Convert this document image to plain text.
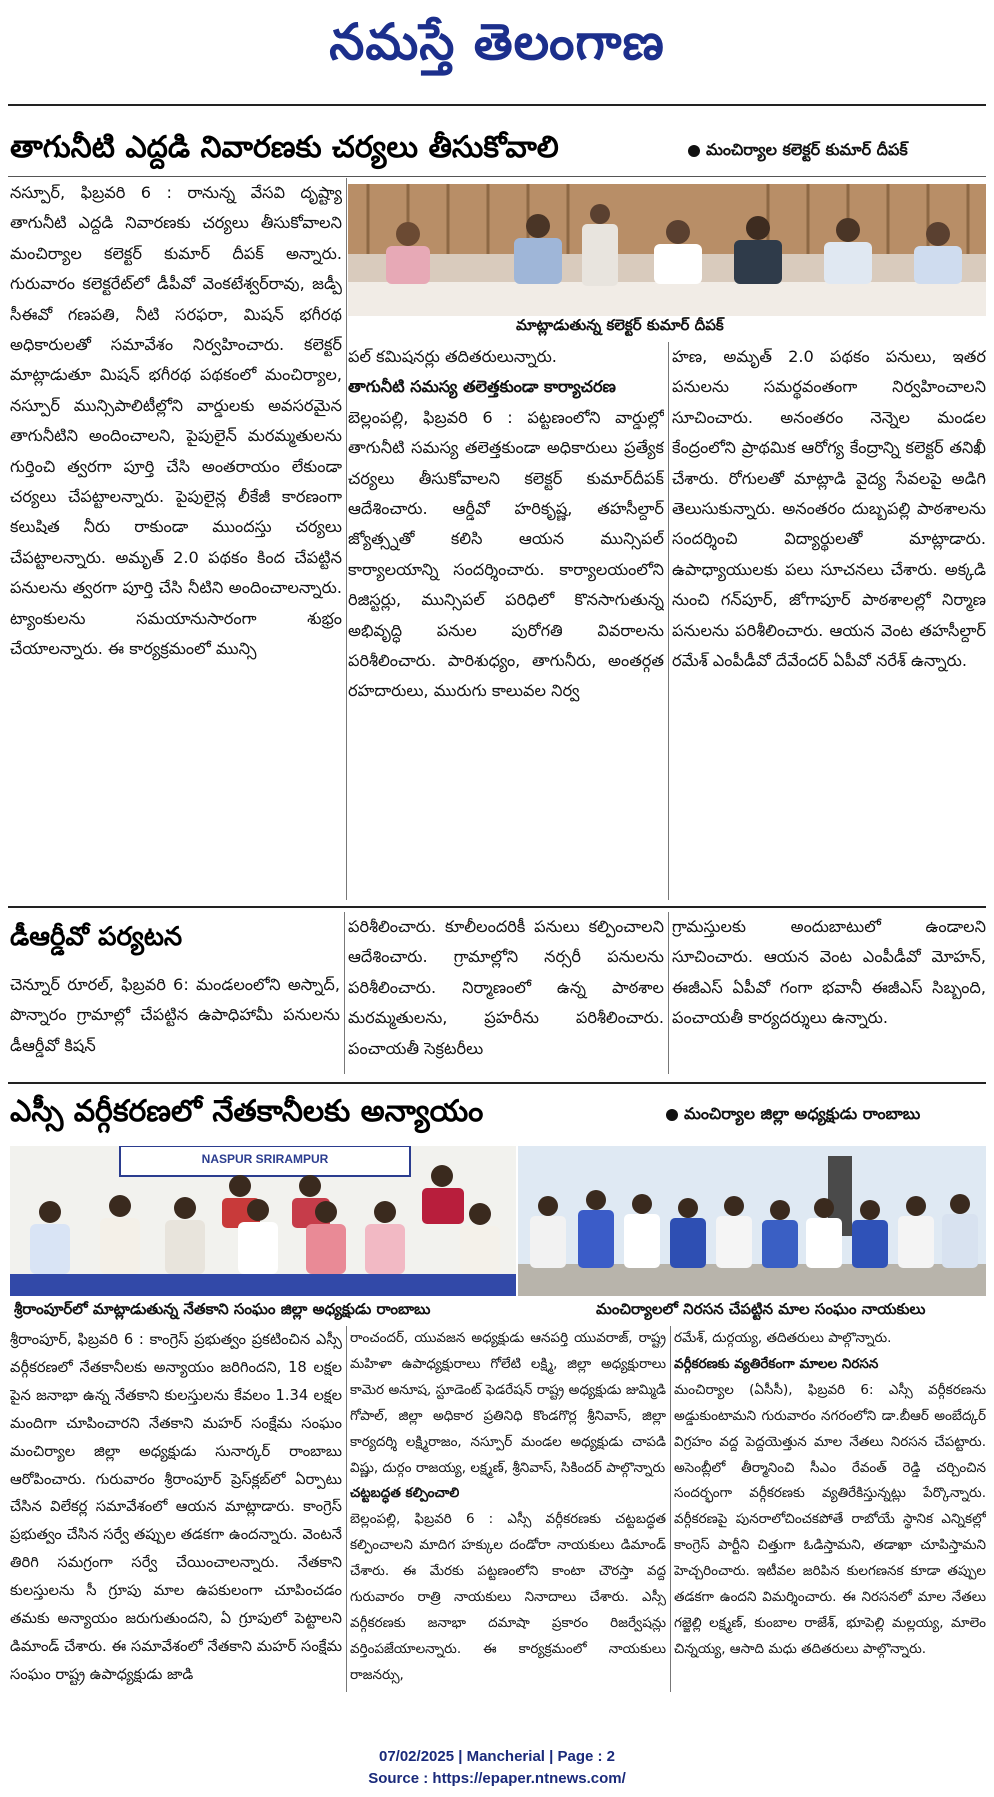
నమస్తే తెలంగాణ
తాగునీటి ఎద్దడి నివారణకు చర్యలు తీసుకోవాలి	మంచిర్యాల కలెక్టర్ కుమార్ దీపక్
నస్పూర్, ఫిబ్రవరి 6 : రానున్న వేసవి దృష్ట్యా తాగునీటి ఎద్దడి నివారణకు చర్యలు తీసుకోవాలని మంచిర్యాల కలెక్టర్ కుమార్ దీపక్ అన్నారు. గురువారం కలెక్టరేట్‌లో డీపీవో వెంకటేశ్వర్‌రావు, జడ్పీ సీఈవో గణపతి, నీటి సరఫరా, మిషన్ భగీరథ అధికారులతో సమావేశం నిర్వహించారు. కలెక్టర్ మాట్లాడుతూ మిషన్ భగీరథ పథకంలో మంచిర్యాల, నస్పూర్ మున్సిపాలిటీల్లోని వార్డులకు అవసరమైన తాగునీటిని అందించాలని, పైపులైన్ మరమ్మతులను గుర్తించి త్వరగా పూర్తి చేసి అంతరాయం లేకుండా చర్యలు చేపట్టాలన్నారు. పైపులైన్ల లీకేజీ కారణంగా కలుషిత నీరు రాకుండా ముందస్తు చర్యలు చేపట్టాలన్నారు. అమృత్ 2.0 పథకం కింద చేపట్టిన పనులను త్వరగా పూర్తి చేసి నీటిని అందించాలన్నారు. ట్యాంకులను సమయానుసారంగా శుభ్రం చేయాలన్నారు. ఈ కార్యక్రమంలో మున్సి
మాట్లాడుతున్న కలెక్టర్ కుమార్ దీపక్
పల్ కమిషనర్లు తదితరులున్నారు.
తాగునీటి సమస్య తలెత్తకుండా కార్యాచరణ
బెల్లంపల్లి, ఫిబ్రవరి 6 : పట్టణంలోని వార్డుల్లో తాగునీటి సమస్య తలెత్తకుండా అధికారులు ప్రత్యేక చర్యలు తీసుకోవాలని కలెక్టర్ కుమార్‌దీపక్ ఆదేశించారు. ఆర్డీవో హరికృష్ణ, తహసీల్దార్ జ్యోత్స్నతో కలిసి ఆయన మున్సిపల్ కార్యాలయాన్ని సందర్శించారు. కార్యాలయంలోని రిజిస్టర్లు, మున్సిపల్ పరిధిలో కొనసాగుతున్న అభివృద్ధి పనుల పురోగతి వివరాలను పరిశీలించారు. పారిశుధ్యం, తాగునీరు, అంతర్గత రహదారులు, మురుగు కాలువల నిర్వ
హణ, అమృత్ 2.0 పథకం పనులు, ఇతర పనులను సమర్థవంతంగా నిర్వహించాలని సూచించారు. అనంతరం నెన్నెల మండల కేంద్రంలోని ప్రాథమిక ఆరోగ్య కేంద్రాన్ని కలెక్టర్ తనిఖీ చేశారు. రోగులతో మాట్లాడి వైద్య సేవలపై అడిగి తెలుసుకున్నారు. అనంతరం దుబ్బపల్లి పాఠశాలను సందర్శించి విద్యార్థులతో మాట్లాడారు. ఉపాధ్యాయులకు పలు సూచనలు చేశారు. అక్కడి నుంచి గన్‌పూర్, జోగాపూర్ పాఠశాలల్లో నిర్మాణ పనులను పరిశీలించారు. ఆయన వెంట తహసీల్దార్ రమేశ్ ఎంపీడీవో దేవేందర్ ఏపీవో నరేశ్ ఉన్నారు.
డీఆర్డీవో పర్యటన
చెన్నూర్ రూరల్, ఫిబ్రవరి 6: మండలంలోని అస్నాద్, పొన్నారం గ్రామాల్లో చేపట్టిన ఉపాధిహామీ పనులను డీఆర్డీవో కిషన్
పరిశీలించారు. కూలీలందరికీ పనులు కల్పించాలని ఆదేశించారు. గ్రామాల్లోని నర్సరీ పనులను పరిశీలించారు. నిర్మాణంలో ఉన్న పాఠశాల మరమ్మతులను, ప్రహరీను పరిశీలించారు. పంచాయతీ సెక్రటరీలు
గ్రామస్తులకు అందుబాటులో ఉండాలని సూచించారు. ఆయన వెంట ఎంపీడీవో మోహన్, ఈజీఎస్ ఏపీవో గంగా భవానీ ఈజీఎస్ సిబ్బంది, పంచాయతీ కార్యదర్శులు ఉన్నారు.
ఎస్సీ వర్గీకరణలో నేతకానీలకు అన్యాయం	మంచిర్యాల జిల్లా అధ్యక్షుడు రాంబాబు
NASPUR SRIRAMPUR
శ్రీరాంపూర్‌లో మాట్లాడుతున్న నేతకాని సంఘం జిల్లా అధ్యక్షుడు రాంబాబు	మంచిర్యాలలో నిరసన చేపట్టిన మాల సంఘం నాయకులు
శ్రీరాంపూర్, ఫిబ్రవరి 6 : కాంగ్రెస్ ప్రభుత్వం ప్రకటించిన ఎస్సీ వర్గీకరణలో నేతకానీలకు అన్యాయం జరిగిందని, 18 లక్షల పైన జనాభా ఉన్న నేతకాని కులస్తులను కేవలం 1.34 లక్షల మందిగా చూపించారని నేతకాని మహర్ సంక్షేమ సంఘం మంచిర్యాల జిల్లా అధ్యక్షుడు సునార్కర్ రాంబాబు ఆరోపించారు. గురువారం శ్రీరాంపూర్ ప్రెస్‌క్లబ్‌లో ఏర్పాటు చేసిన విలేకర్ల సమావేశంలో ఆయన మాట్లాడారు. కాంగ్రెస్ ప్రభుత్వం చేసిన సర్వే తప్పుల తడకగా ఉందన్నారు. వెంటనే తిరిగి సమగ్రంగా సర్వే చేయించాలన్నారు. నేతకాని కులస్తులను సీ గ్రూపు మాల ఉపకులంగా చూపించడం తమకు అన్యాయం జరుగుతుందని, ఏ గ్రూపులో పెట్టాలని డిమాండ్ చేశారు. ఈ సమావేశంలో నేతకాని మహర్ సంక్షేమ సంఘం రాష్ట్ర ఉపాధ్యక్షుడు జాడి
రాంచందర్, యువజన అధ్యక్షుడు ఆనపర్తి యువరాజ్, రాష్ట్ర మహిళా ఉపాధ్యక్షురాలు గోలేటి లక్ష్మి, జిల్లా అధ్యక్షురాలు కామెర అనూష, స్టూడెంట్ ఫెడరేషన్ రాష్ట్ర అధ్యక్షుడు జుమ్మిడి గోపాల్, జిల్లా అధికార ప్రతినిధి కొండగొర్ల శ్రీనివాస్, జిల్లా కార్యదర్శి లక్ష్మిరాజం, నస్పూర్ మండల అధ్యక్షుడు చాపడి విష్ణు, దుర్గం రాజయ్య, లక్ష్మణ్, శ్రీనివాస్, సికిందర్ పాల్గొన్నారు
చట్టబద్ధత కల్పించాలి
బెల్లంపల్లి, ఫిబ్రవరి 6 : ఎస్సీ వర్గీకరణకు చట్టబద్ధత కల్పించాలని మాదిగ హక్కుల దండోరా నాయకులు డిమాండ్ చేశారు. ఈ మేరకు పట్టణంలోని కాంటా చౌరస్తా వద్ద గురువారం రాత్రి నాయకులు నినాదాలు చేశారు. ఎస్సీ వర్గీకరణకు జనాభా దమాషా ప్రకారం రిజర్వేషన్లు వర్తింపజేయాలన్నారు. ఈ కార్యక్రమంలో నాయకులు రాజనర్సు,
రమేశ్, దుర్గయ్య, తదితరులు పాల్గొన్నారు.
వర్గీకరణకు వ్యతిరేకంగా మాలల నిరసన
మంచిర్యాల (ఏసీసీ), ఫిబ్రవరి 6: ఎస్సీ వర్గీకరణను అడ్డుకుంటామని గురువారం నగరంలోని డా.బీఆర్ అంబేద్కర్ విగ్రహం వద్ద పెద్దయెత్తున మాల నేతలు నిరసన చేపట్టారు. అసెంబ్లీలో తీర్మానించి సీఎం రేవంత్ రెడ్డి చర్చించిన సందర్భంగా వర్గీకరణకు వ్యతిరేకిస్తున్నట్లు పేర్కొన్నారు. వర్గీకరణపై పునరాలోచించకపోతే రాబోయే స్థానిక ఎన్నికల్లో కాంగ్రెస్ పార్టీని చిత్తుగా ఓడిస్తామని, తడాఖా చూపిస్తామని హెచ్చరించారు. ఇటీవల జరిపిన కులగణనక కూడా తప్పుల తడకగా ఉందని విమర్శించారు. ఈ నిరసనలో మాల నేతలు గజ్జెల్లి లక్ష్మణ్, కుంబాల రాజేశ్, భూపెల్లి మల్లయ్య, మాలెం చిన్నయ్య, ఆసాది మధు తదితరులు పాల్గొన్నారు.
07/02/2025 | Mancherial | Page : 2
Source : https://epaper.ntnews.com/
